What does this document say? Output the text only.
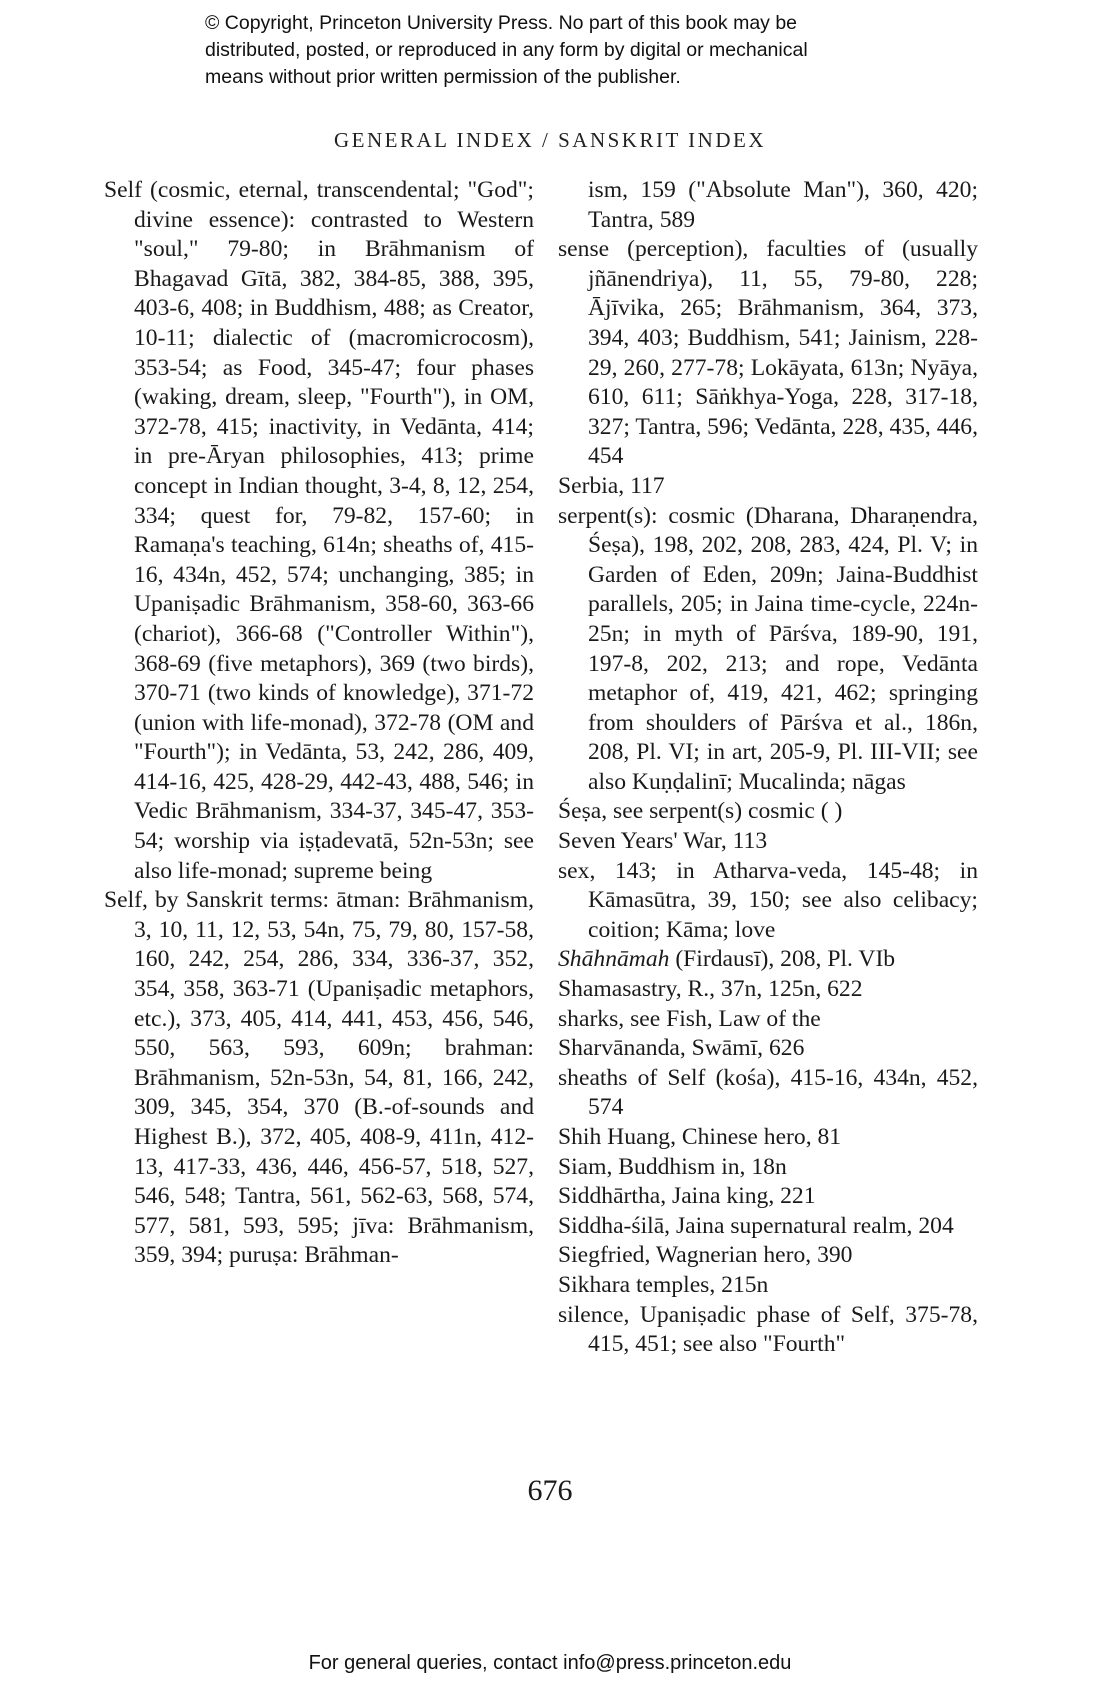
© Copyright, Princeton University Press. No part of this book may be
distributed, posted, or reproduced in any form by digital or mechanical
means without prior written permission of the publisher.
GENERAL INDEX / SANSKRIT INDEX
Self (cosmic, eternal, transcendental; "God"; divine essence): contrasted to Western "soul," 79-80; in Brāhmanism of Bhagavad Gītā, 382, 384-85, 388, 395, 403-6, 408; in Buddhism, 488; as Creator, 10-11; dialectic of (macromicrocosm), 353-54; as Food, 345-47; four phases (waking, dream, sleep, "Fourth"), in OM, 372-78, 415; inactivity, in Vedānta, 414; in pre-Āryan philosophies, 413; prime concept in Indian thought, 3-4, 8, 12, 254, 334; quest for, 79-82, 157-60; in Ramaṇa's teaching, 614n; sheaths of, 415-16, 434n, 452, 574; unchanging, 385; in Upaniṣadic Brāhmanism, 358-60, 363-66 (chariot), 366-68 ("Controller Within"), 368-69 (five metaphors), 369 (two birds), 370-71 (two kinds of knowledge), 371-72 (union with life-monad), 372-78 (OM and "Fourth"); in Vedānta, 53, 242, 286, 409, 414-16, 425, 428-29, 442-43, 488, 546; in Vedic Brāhmanism, 334-37, 345-47, 353-54; worship via iṣṭadevatā, 52n-53n; see also life-monad; supreme being
Self, by Sanskrit terms: ātman: Brāhmanism, 3, 10, 11, 12, 53, 54n, 75, 79, 80, 157-58, 160, 242, 254, 286, 334, 336-37, 352, 354, 358, 363-71 (Upaniṣadic metaphors, etc.), 373, 405, 414, 441, 453, 456, 546, 550, 563, 593, 609n; brahman: Brāhmanism, 52n-53n, 54, 81, 166, 242, 309, 345, 354, 370 (B.-of-sounds and Highest B.), 372, 405, 408-9, 411n, 412-13, 417-33, 436, 446, 456-57, 518, 527, 546, 548; Tantra, 561, 562-63, 568, 574, 577, 581, 593, 595; jīva: Brāhmanism, 359, 394; puruṣa: Brāhman-
ism, 159 ("Absolute Man"), 360, 420; Tantra, 589
sense (perception), faculties of (usually jñānendriya), 11, 55, 79-80, 228; Ājīvika, 265; Brāhmanism, 364, 373, 394, 403; Buddhism, 541; Jainism, 228-29, 260, 277-78; Lokāyata, 613n; Nyāya, 610, 611; Sāṅkhya-Yoga, 228, 317-18, 327; Tantra, 596; Vedānta, 228, 435, 446, 454
Serbia, 117
serpent(s): cosmic (Dharana, Dharaṇendra, Śeṣa), 198, 202, 208, 283, 424, Pl. V; in Garden of Eden, 209n; Jaina-Buddhist parallels, 205; in Jaina time-cycle, 224n-25n; in myth of Pārśva, 189-90, 191, 197-8, 202, 213; and rope, Vedānta metaphor of, 419, 421, 462; springing from shoulders of Pārśva et al., 186n, 208, Pl. VI; in art, 205-9, Pl. III-VII; see also Kuṇḍalinī; Mucalinda; nāgas
Śeṣa, see serpent(s) cosmic ( )
Seven Years' War, 113
sex, 143; in Atharva-veda, 145-48; in Kāmasūtra, 39, 150; see also celibacy; coition; Kāma; love
Shāhnāmah (Firdausī), 208, Pl. VIb
Shamasastry, R., 37n, 125n, 622
sharks, see Fish, Law of the
Sharvānanda, Swāmī, 626
sheaths of Self (kośa), 415-16, 434n, 452, 574
Shih Huang, Chinese hero, 81
Siam, Buddhism in, 18n
Siddhārtha, Jaina king, 221
Siddha-śilā, Jaina supernatural realm, 204
Siegfried, Wagnerian hero, 390
Sikhara temples, 215n
silence, Upaniṣadic phase of Self, 375-78, 415, 451; see also "Fourth"
676
For general queries, contact info@press.princeton.edu
